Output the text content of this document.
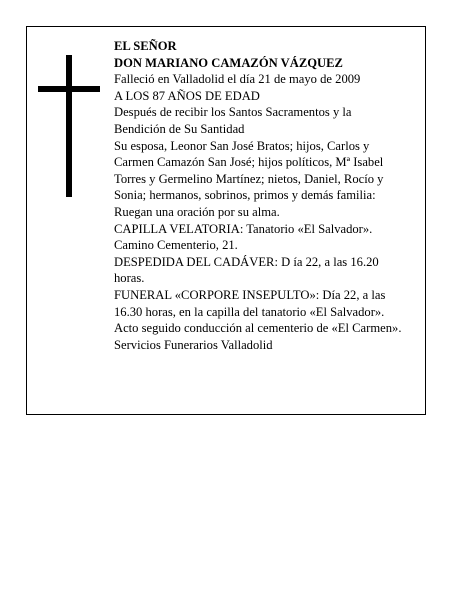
EL SEÑOR
DON MARIANO CAMAZÓN VÁZQUEZ
Falleció en Valladolid el día 21 de mayo de 2009
A LOS 87 AÑOS DE EDAD
Después de recibir los Santos Sacramentos y la
Bendición de Su Santidad
Su esposa, Leonor San José Bratos; hijos, Carlos y
Carmen Camazón San José; hijos políticos, Mª Isabel
Torres y Germelino Martínez; nietos, Daniel, Rocío y
Sonia; hermanos, sobrinos, primos y demás familia:
Ruegan una oración por su alma.
CAPILLA VELATORIA: Tanatorio «El Salvador».
Camino Cementerio, 21.
DESPEDIDA DEL CADÁVER: D ía 22, a las 16.20
horas.
FUNERAL «CORPORE INSEPULTO»: Día 22, a las
16.30 horas, en la capilla del tanatorio «El Salvador».
Acto seguido conducción al cementerio de «El Carmen».
Servicios Funerarios Valladolid
